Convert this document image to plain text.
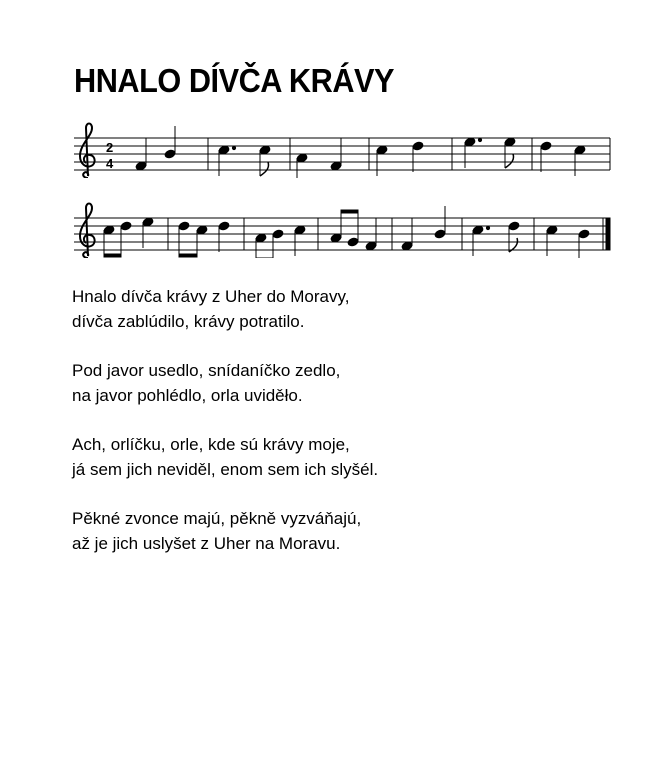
HNALO DÍVČA KRÁVY
2
4

Hnalo dívča krávy z Uher do Moravy,
dívča zablúdilo, krávy potratilo.

Pod javor usedlo, snídaníčko zedlo,
na javor pohlédlo, orla uviděło.

Ach, orlíčku, orle, kde sú krávy moje,
já sem jich neviděl, enom sem ich slyšél.

Pěkné zvonce majú, pěkně vyzváňajú,
až je jich uslyšet z Uher na Moravu.
